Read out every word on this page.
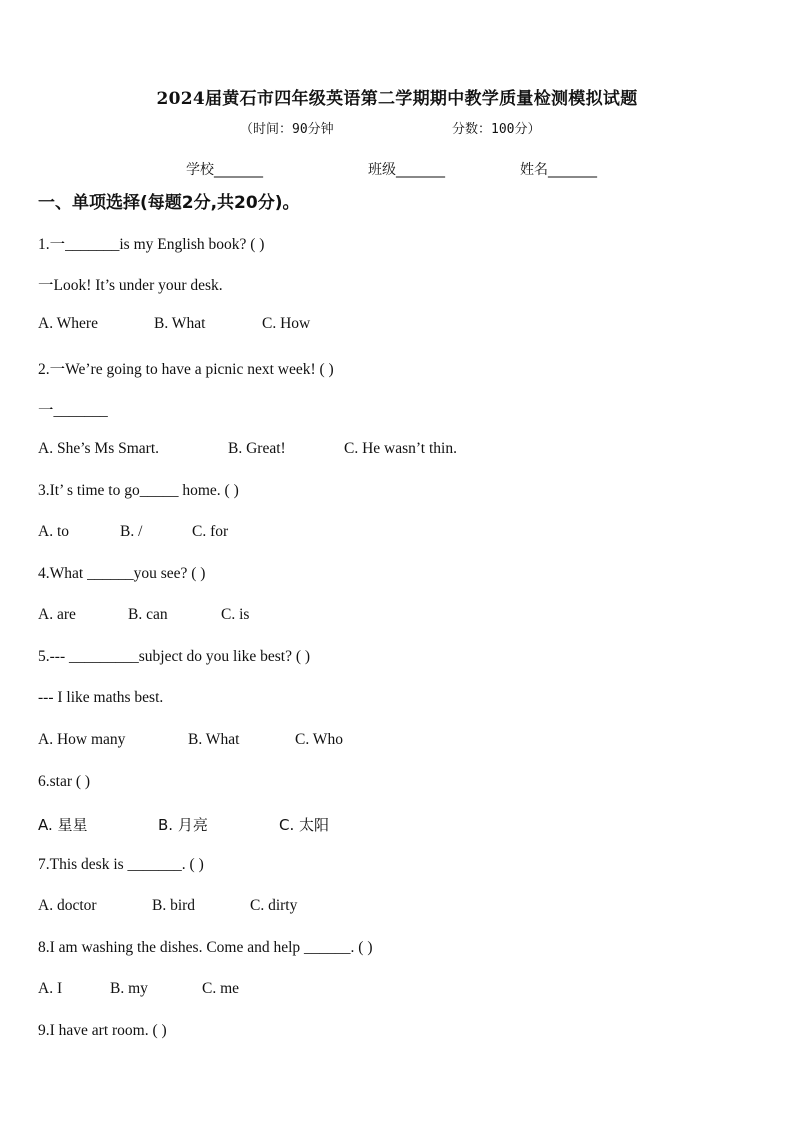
2024届黄石市四年级英语第二学期期中教学质量检测模拟试题
（时间：90分钟	分数：100分）
学校_______	班级_______	姓名_______
一、单项选择(每题2分,共20分)。
1.一_______is my English book? ( )
一Look! It’s under your desk.
A. Where	B. What	C. How
2.一We’re going to have a picnic next week! ( )
一_______
A. She’s Ms Smart.	B. Great!	C. He wasn’t thin.
3.It’ s time to go_____ home. ( )
A. to	B. /	C. for
4.What ______you see? ( )
A. are	B. can	C. is
5.--- _________subject do you like best? ( )
--- I like maths best.
A. How many	B. What	C. Who
6.star ( )
A. 星星	B. 月亮	C. 太阳
7.This desk is _______. ( )
A. doctor	B. bird	C. dirty
8.I am washing the dishes. Come and help ______. ( )
A. I	B. my	C. me
9.I have art room. ( )
